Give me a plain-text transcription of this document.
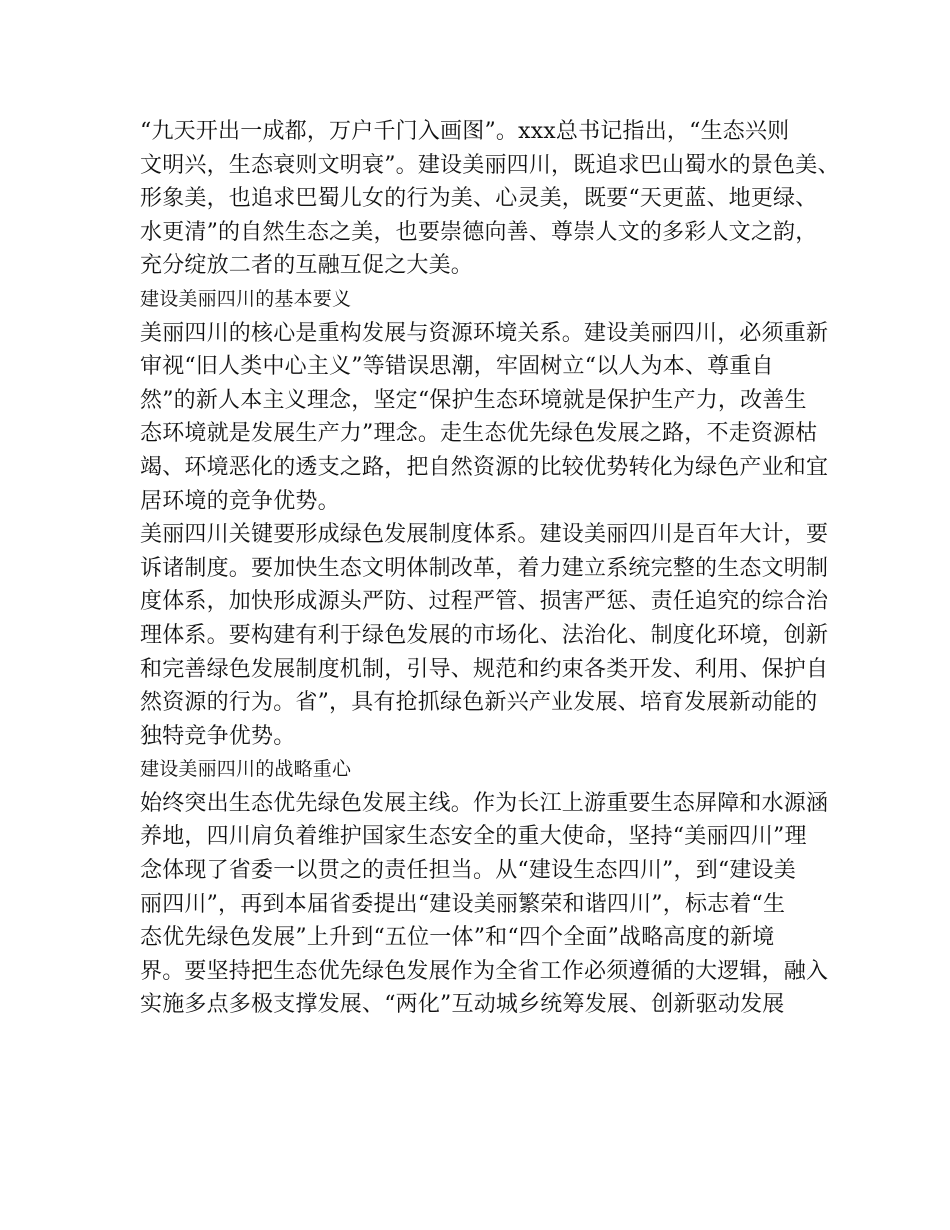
“九天开出一成都，万户千门入画图”。xxx总书记指出，“生态兴则
文明兴，生态衰则文明衰”。建设美丽四川，既追求巴山蜀水的景色美、
形象美，也追求巴蜀儿女的行为美、心灵美，既要“天更蓝、地更绿、
水更清”的自然生态之美，也要崇德向善、尊崇人文的多彩人文之韵，
充分绽放二者的互融互促之大美。
建设美丽四川的基本要义
美丽四川的核心是重构发展与资源环境关系。建设美丽四川，必须重新
审视“旧人类中心主义”等错误思潮，牢固树立“以人为本、尊重自
然”的新人本主义理念，坚定“保护生态环境就是保护生产力，改善生
态环境就是发展生产力”理念。走生态优先绿色发展之路，不走资源枯
竭、环境恶化的透支之路，把自然资源的比较优势转化为绿色产业和宜
居环境的竞争优势。
美丽四川关键要形成绿色发展制度体系。建设美丽四川是百年大计，要
诉诸制度。要加快生态文明体制改革，着力建立系统完整的生态文明制
度体系，加快形成源头严防、过程严管、损害严惩、责任追究的综合治
理体系。要构建有利于绿色发展的市场化、法治化、制度化环境，创新
和完善绿色发展制度机制，引导、规范和约束各类开发、利用、保护自
然资源的行为。省”，具有抢抓绿色新兴产业发展、培育发展新动能的
独特竞争优势。
建设美丽四川的战略重心
始终突出生态优先绿色发展主线。作为长江上游重要生态屏障和水源涵
养地，四川肩负着维护国家生态安全的重大使命，坚持“美丽四川”理
念体现了省委一以贯之的责任担当。从“建设生态四川”，到“建设美
丽四川”，再到本届省委提出“建设美丽繁荣和谐四川”，标志着“生
态优先绿色发展”上升到“五位一体”和“四个全面”战略高度的新境
界。要坚持把生态优先绿色发展作为全省工作必须遵循的大逻辑，融入
实施多点多极支撑发展、“两化”互动城乡统筹发展、创新驱动发展
